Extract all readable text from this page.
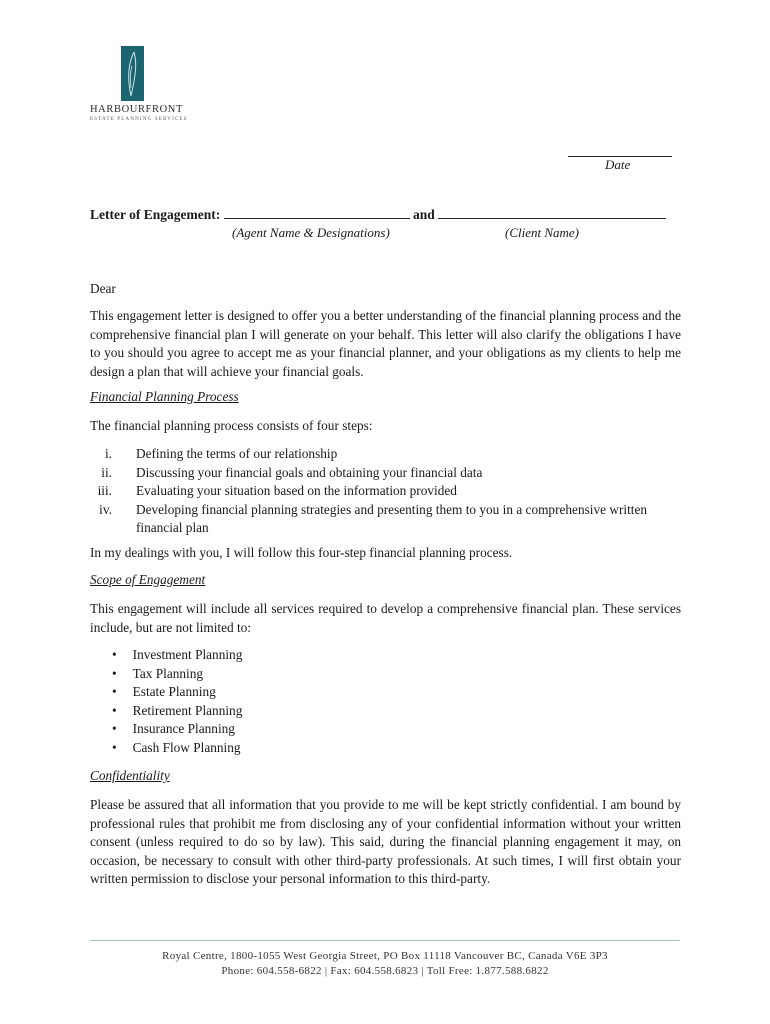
HARBOURFRONT
ESTATE PLANNING SERVICES
Date
Letter of Engagement:	and
(Agent Name & Designations)	(Client Name)
Dear
This engagement letter is designed to offer you a better understanding of the financial planning process and the comprehensive financial plan I will generate on your behalf. This letter will also clarify the obligations I have to you should you agree to accept me as your financial planner, and your obligations as my clients to help me design a plan that will achieve your financial goals.
Financial Planning Process
The financial planning process consists of four steps:
i. Defining the terms of our relationship
ii. Discussing your financial goals and obtaining your financial data
iii. Evaluating your situation based on the information provided
iv. Developing financial planning strategies and presenting them to you in a comprehensive written financial plan
In my dealings with you, I will follow this four-step financial planning process.
Scope of Engagement
This engagement will include all services required to develop a comprehensive financial plan. These services include, but are not limited to:
• Investment Planning
• Tax Planning
• Estate Planning
• Retirement Planning
• Insurance Planning
• Cash Flow Planning
Confidentiality
Please be assured that all information that you provide to me will be kept strictly confidential. I am bound by professional rules that prohibit me from disclosing any of your confidential information without your written consent (unless required to do so by law). This said, during the financial planning engagement it may, on occasion, be necessary to consult with other third-party professionals. At such times, I will first obtain your written permission to disclose your personal information to this third-party.
Royal Centre, 1800-1055 West Georgia Street, PO Box 11118 Vancouver BC, Canada V6E 3P3
Phone: 604.558-6822 | Fax: 604.558.6823 | Toll Free: 1.877.588.6822
